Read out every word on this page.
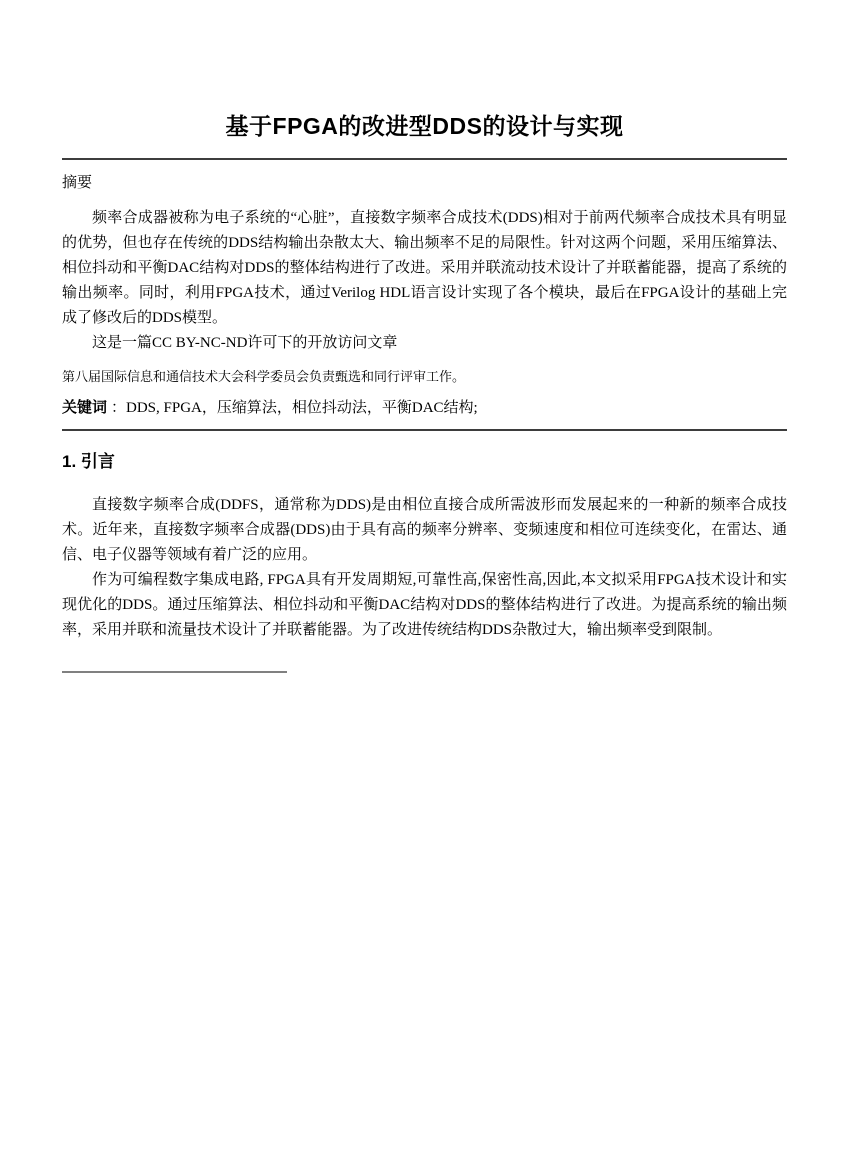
基于FPGA的改进型DDS的设计与实现
摘要

频率合成器被称为电子系统的“心脏”，直接数字频率合成技术(DDS)相对于前两代频率合成技术具有明显的优势，但也存在传统的DDS结构输出杂散太大、输出频率不足的局限性。针对这两个问题，采用压缩算法、相位抖动和平衡DAC结构对DDS的整体结构进行了改进。采用并联流动技术设计了并联蓄能器，提高了系统的输出频率。同时，利用FPGA技术，通过Verilog HDL语言设计实现了各个模块，最后在FPGA设计的基础上完成了修改后的DDS模型。

这是一篇CC BY-NC-ND许可下的开放访问文章

第八届国际信息和通信技术大会科学委员会负责甄选和同行评审工作。

关键词 ：DDS, FPGA，压缩算法，相位抖动法，平衡DAC结构;

1. 引言

直接数字频率合成(DDFS，通常称为DDS)是由相位直接合成所需波形而发展起来的一种新的频率合成技术。近年来，直接数字频率合成器(DDS)由于具有高的频率分辨率、变频速度和相位可连续变化，在雷达、通信、电子仪器等领域有着广泛的应用。

作为可编程数字集成电路, FPGA具有开发周期短,可靠性高,保密性高,因此,本文拟采用FPGA技术设计和实现优化的DDS。通过压缩算法、相位抖动和平衡DAC结构对DDS的整体结构进行了改进。为提高系统的输出频率，采用并联和流量技术设计了并联蓄能器。为了改进传统结构DDS杂散过大，输出频率受到限制。
